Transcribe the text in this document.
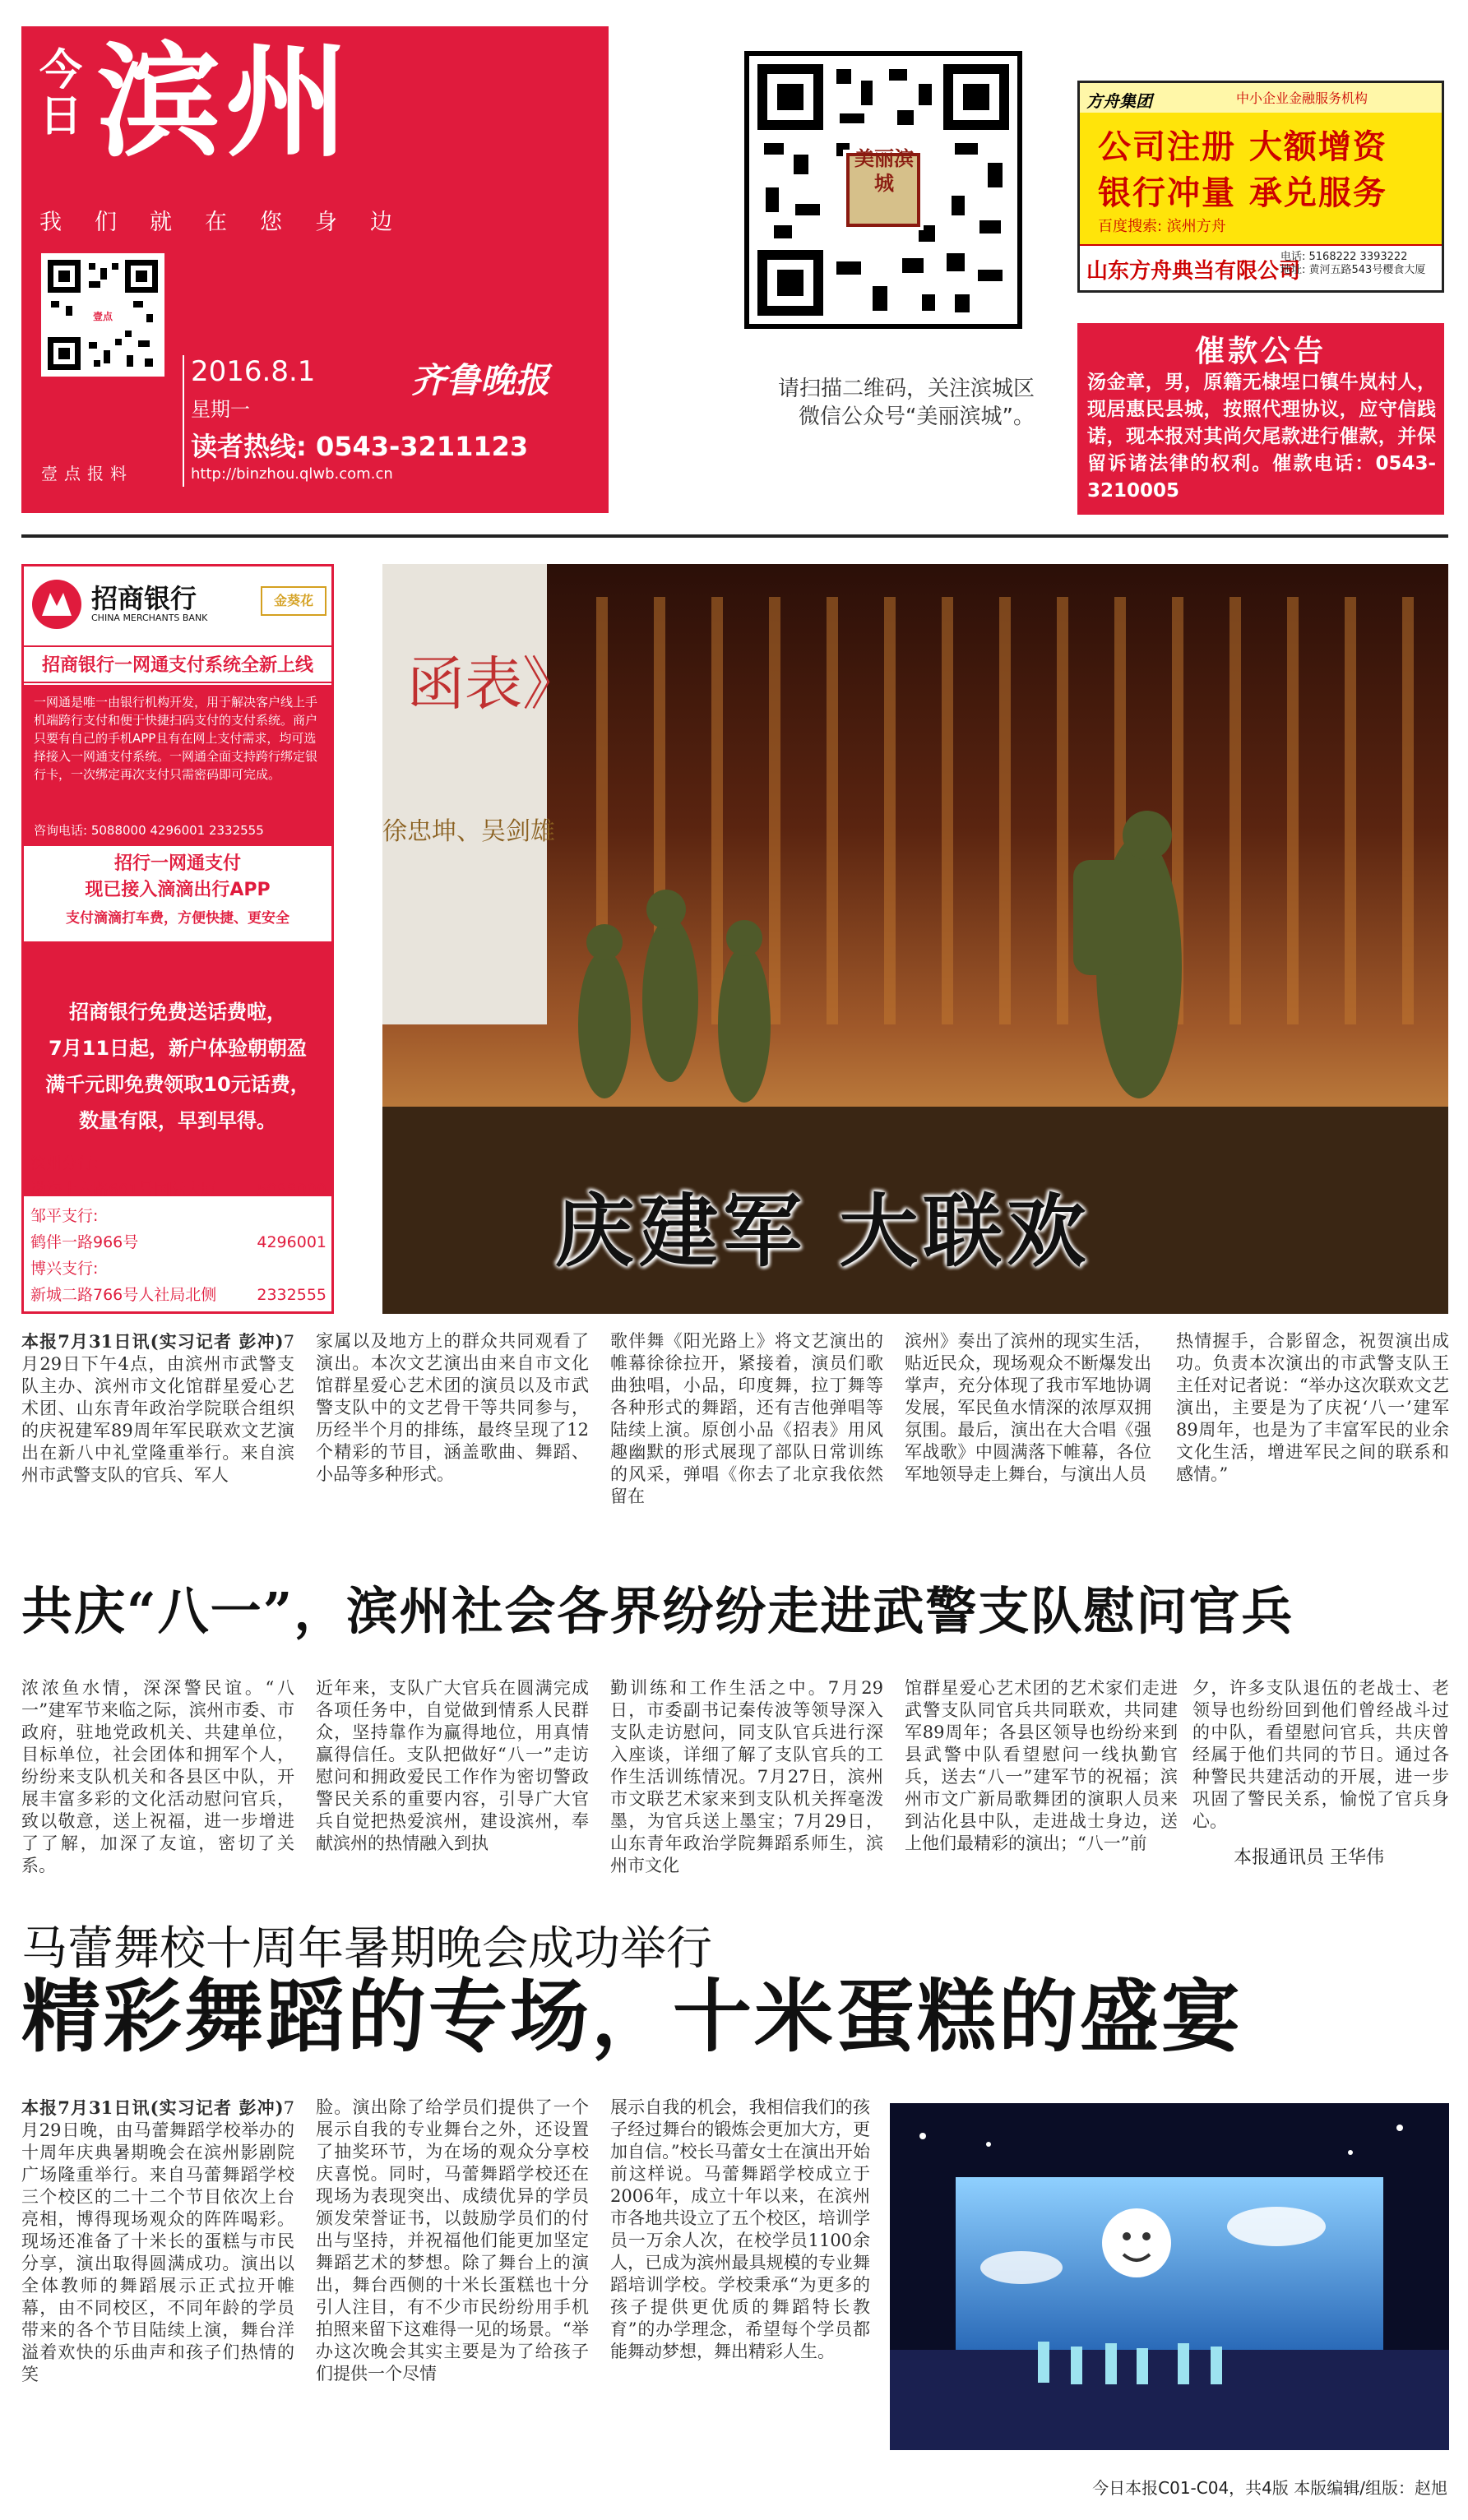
今日 滨州
我们就在您身边
壹点
壹点报料
2016.8.1	齐鲁晚报
星期一
读者热线: 0543-3211123
http://binzhou.qlwb.com.cn
美丽滨城
请扫描二维码，关注滨城区微信公众号“美丽滨城”。
方舟集团	中小企业金融服务机构
公司注册 大额增资
银行冲量 承兑服务
百度搜索: 滨州方舟
山东方舟典当有限公司
电话: 5168222 3393222
地址: 黄河五路543号樱食大厦
催款公告
汤金章，男，原籍无棣埕口镇牛岚村人，现居惠民县城，按照代理协议，应守信践诺，现本报对其尚欠尾款进行催款，并保留诉诸法律的权利。催款电话：0543-3210005
招商银行
CHINA MERCHANTS BANK
金葵花
招商银行一网通支付系统全新上线
一网通是唯一由银行机构开发，用于解决客户线上手机端跨行支付和便于快捷扫码支付的支付系统。商户只要有自己的手机APP且有在网上支付需求，均可选择接入一网通支付系统。一网通全面支持跨行绑定银行卡，一次绑定再次支付只需密码即可完成。
咨询电话: 5088000 4296001 2332555
招行一网通支付
现已接入滴滴出行APP
支付滴滴打车费，方便快捷、更安全
招商银行免费送话费啦，
7月11日起，新户体验朝朝盈
满千元即免费领取10元话费，
数量有限，早到早得。
滨州分行:
渤海十六路601号国际大厦	5088000
邹平支行:
鹤伴一路966号	4296001
博兴支行:
新城二路766号人社局北侧	2332555
函表》
徐忠坤、吴剑雄
庆建军 大联欢
本报7月31日讯(实习记者 彭冲)7月29日下午4点，由滨州市武警支队主办、滨州市文化馆群星爱心艺术团、山东青年政治学院联合组织的庆祝建军89周年军民联欢文艺演出在新八中礼堂隆重举行。来自滨州市武警支队的官兵、军人
家属以及地方上的群众共同观看了演出。本次文艺演出由来自市文化馆群星爱心艺术团的演员以及市武警支队中的文艺骨干等共同参与，历经半个月的排练，最终呈现了12个精彩的节目，涵盖歌曲、舞蹈、小品等多种形式。
歌伴舞《阳光路上》将文艺演出的帷幕徐徐拉开，紧接着，演员们歌曲独唱，小品，印度舞，拉丁舞等各种形式的舞蹈，还有吉他弹唱等陆续上演。原创小品《招表》用风趣幽默的形式展现了部队日常训练的风采，弹唱《你去了北京我依然留在
滨州》奏出了滨州的现实生活，贴近民众，现场观众不断爆发出掌声，充分体现了我市军地协调发展，军民鱼水情深的浓厚双拥氛围。最后，演出在大合唱《强军战歌》中圆满落下帷幕，各位军地领导走上舞台，与演出人员
热情握手，合影留念，祝贺演出成功。负责本次演出的市武警支队王主任对记者说：“举办这次联欢文艺演出，主要是为了庆祝‘八一’建军89周年，也是为了丰富军民的业余文化生活，增进军民之间的联系和感情。”
共庆“八一”，滨州社会各界纷纷走进武警支队慰问官兵
浓浓鱼水情，深深警民谊。“八一”建军节来临之际，滨州市委、市政府，驻地党政机关、共建单位，目标单位，社会团体和拥军个人，纷纷来支队机关和各县区中队，开展丰富多彩的文化活动慰问官兵，致以敬意，送上祝福，进一步增进了了解，加深了友谊，密切了关系。
近年来，支队广大官兵在圆满完成各项任务中，自觉做到情系人民群众，坚持靠作为赢得地位，用真情赢得信任。支队把做好“八一”走访慰问和拥政爱民工作作为密切警政警民关系的重要内容，引导广大官兵自觉把热爱滨州，建设滨州，奉献滨州的热情融入到执
勤训练和工作生活之中。7月29日，市委副书记秦传波等领导深入支队走访慰问，同支队官兵进行深入座谈，详细了解了支队官兵的工作生活训练情况。7月27日，滨州市文联艺术家来到支队机关挥毫泼墨，为官兵送上墨宝；7月29日，山东青年政治学院舞蹈系师生，滨州市文化
馆群星爱心艺术团的艺术家们走进武警支队同官兵共同联欢，共同建军89周年；各县区领导也纷纷来到县武警中队看望慰问一线执勤官兵，送去“八一”建军节的祝福；滨州市文广新局歌舞团的演职人员来到沾化县中队，走进战士身边，送上他们最精彩的演出；“八一”前
夕，许多支队退伍的老战士、老领导也纷纷回到他们曾经战斗过的中队，看望慰问官兵，共庆曾经属于他们共同的节日。通过各种警民共建活动的开展，进一步巩固了警民关系，愉悦了官兵身心。
本报通讯员 王华伟
马蕾舞校十周年暑期晚会成功举行
精彩舞蹈的专场，十米蛋糕的盛宴
本报7月31日讯(实习记者 彭冲)7月29日晚，由马蕾舞蹈学校举办的十周年庆典暑期晚会在滨州影剧院广场隆重举行。来自马蕾舞蹈学校三个校区的二十二个节目依次上台亮相，博得现场观众的阵阵喝彩。现场还准备了十米长的蛋糕与市民分享，演出取得圆满成功。演出以全体教师的舞蹈展示正式拉开帷幕，由不同校区，不同年龄的学员带来的各个节目陆续上演，舞台洋溢着欢快的乐曲声和孩子们热情的笑
脸。演出除了给学员们提供了一个展示自我的专业舞台之外，还设置了抽奖环节，为在场的观众分享校庆喜悦。同时，马蕾舞蹈学校还在现场为表现突出、成绩优异的学员颁发荣誉证书，以鼓励学员们的付出与坚持，并祝福他们能更加坚定舞蹈艺术的梦想。除了舞台上的演出，舞台西侧的十米长蛋糕也十分引人注目，有不少市民纷纷用手机拍照来留下这难得一见的场景。“举办这次晚会其实主要是为了给孩子们提供一个尽情
展示自我的机会，我相信我们的孩子经过舞台的锻炼会更加大方，更加自信。”校长马蕾女士在演出开始前这样说。马蕾舞蹈学校成立于2006年，成立十年以来，在滨州市各地共设立了五个校区，培训学员一万余人次，在校学员1100余人，已成为滨州最具规模的专业舞蹈培训学校。学校秉承“为更多的孩子提供更优质的舞蹈特长教育”的办学理念，希望每个学员都能舞动梦想，舞出精彩人生。
今日本报C01-C04，共4版 本版编辑/组版：赵旭
